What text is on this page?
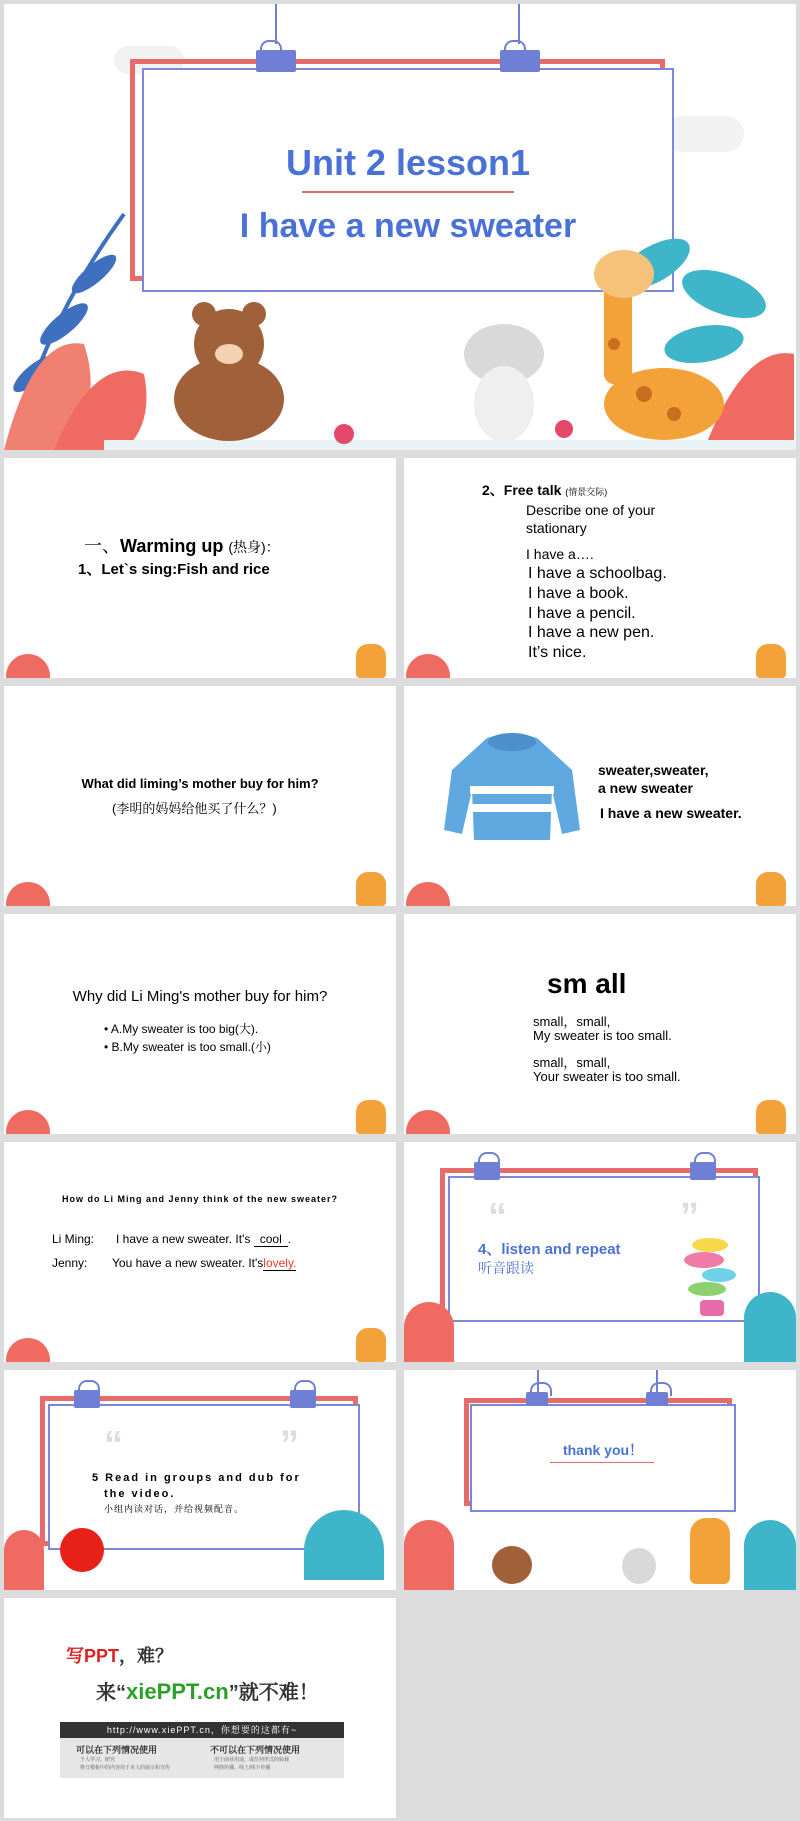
Unit 2 lesson1
I have a new sweater
一、Warming up (热身)：
1、Let`s sing:Fish and rice
2、Free talk (情景交际)
Describe one of your
stationary
I have a….
I have a schoolbag.
I have a book.
I have a pencil.
I have a new pen.
It’s nice.
What did liming’s mother buy for him?
(李明的妈妈给他买了什么？)
sweater,sweater,
a new sweater
I have a new sweater.
Why did Li Ming's mother buy for him?
• A.My sweater is too big(大).
• B.My sweater is too small.(小)
sm all
small，small,
My sweater is too small.
small，small,
Your sweater is too small.
How do Li Ming and Jenny think of the new sweater?
Li Ming: I have a new sweater. It's cool .
Jenny: You have a new sweater. It'slovely.
“	”
4、listen and repeat
听音跟读
“	”
5 Read in groups and dub for
the video.
小组内读对话，并给视频配音。
thank you！
写PPT，难？
来“xiePPT.cn”就不难！
http://www.xiePPT.cn，你想要的这都有~
可以在下列情况使用
个人学习、研究
将日模板中的内容用于本人的展示和宣传
不可以在下列情况使用
用于商业用途，或任何形式的转载
网络传播、线上/线下传播
